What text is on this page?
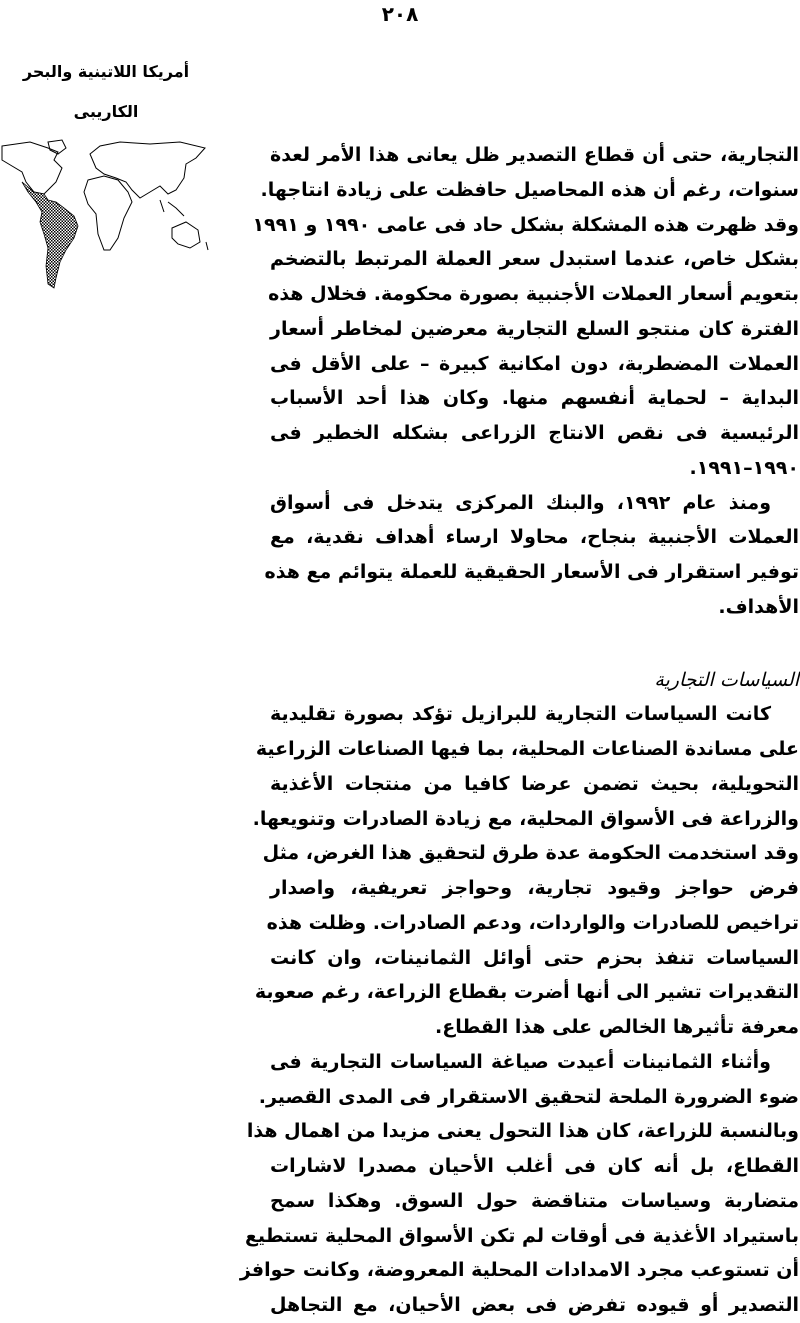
٢٠٨
أمريكا اللاتينية والبحر
الكاريبى
التجارية، حتى أن قطاع التصدير ظل يعانى هذا الأمر لعدة
سنوات، رغم أن هذه المحاصيل حافظت على زيادة انتاجها.
وقد ظهرت هذه المشكلة بشكل حاد فى عامى ١٩٩٠ و ١٩٩١
بشكل خاص، عندما استبدل سعر العملة المرتبط بالتضخم
بتعويم أسعار العملات الأجنبية بصورة محكومة. فخلال هذه
الفترة كان منتجو السلع التجارية معرضين لمخاطر أسعار
العملات المضطربة، دون امكانية كبيرة – على الأقل فى
البداية – لحماية أنفسهم منها. وكان هذا أحد الأسباب
الرئيسية فى نقص الانتاج الزراعى بشكله الخطير فى
١٩٩٠–١٩٩١.
ومنذ عام ١٩٩٢، والبنك المركزى يتدخل فى أسواق
العملات الأجنبية بنجاح، محاولا ارساء أهداف نقدية، مع
توفير استقرار فى الأسعار الحقيقية للعملة يتوائم مع هذه
الأهداف.
السياسات التجارية
كانت السياسات التجارية للبرازيل تؤكد بصورة تقليدية
على مساندة الصناعات المحلية، بما فيها الصناعات الزراعية
التحويلية، بحيث تضمن عرضا كافيا من منتجات الأغذية
والزراعة فى الأسواق المحلية، مع زيادة الصادرات وتنويعها.
وقد استخدمت الحكومة عدة طرق لتحقيق هذا الغرض، مثل
فرض حواجز وقيود تجارية، وحواجز تعريفية، واصدار
تراخيص للصادرات والواردات، ودعم الصادرات. وظلت هذه
السياسات تنفذ بحزم حتى أوائل الثمانينات، وان كانت
التقديرات تشير الى أنها أضرت بقطاع الزراعة، رغم صعوبة
معرفة تأثيرها الخالص على هذا القطاع.
وأثناء الثمانينات أعيدت صياغة السياسات التجارية فى
ضوء الضرورة الملحة لتحقيق الاستقرار فى المدى القصير.
وبالنسبة للزراعة، كان هذا التحول يعنى مزيدا من اهمال هذا
القطاع، بل أنه كان فى أغلب الأحيان مصدرا لاشارات
متضاربة وسياسات متناقضة حول السوق. وهكذا سمح
باستيراد الأغذية فى أوقات لم تكن الأسواق المحلية تستطيع
أن تستوعب مجرد الامدادات المحلية المعروضة، وكانت حوافز
التصدير أو قيوده تفرض فى بعض الأحيان، مع التجاهل
